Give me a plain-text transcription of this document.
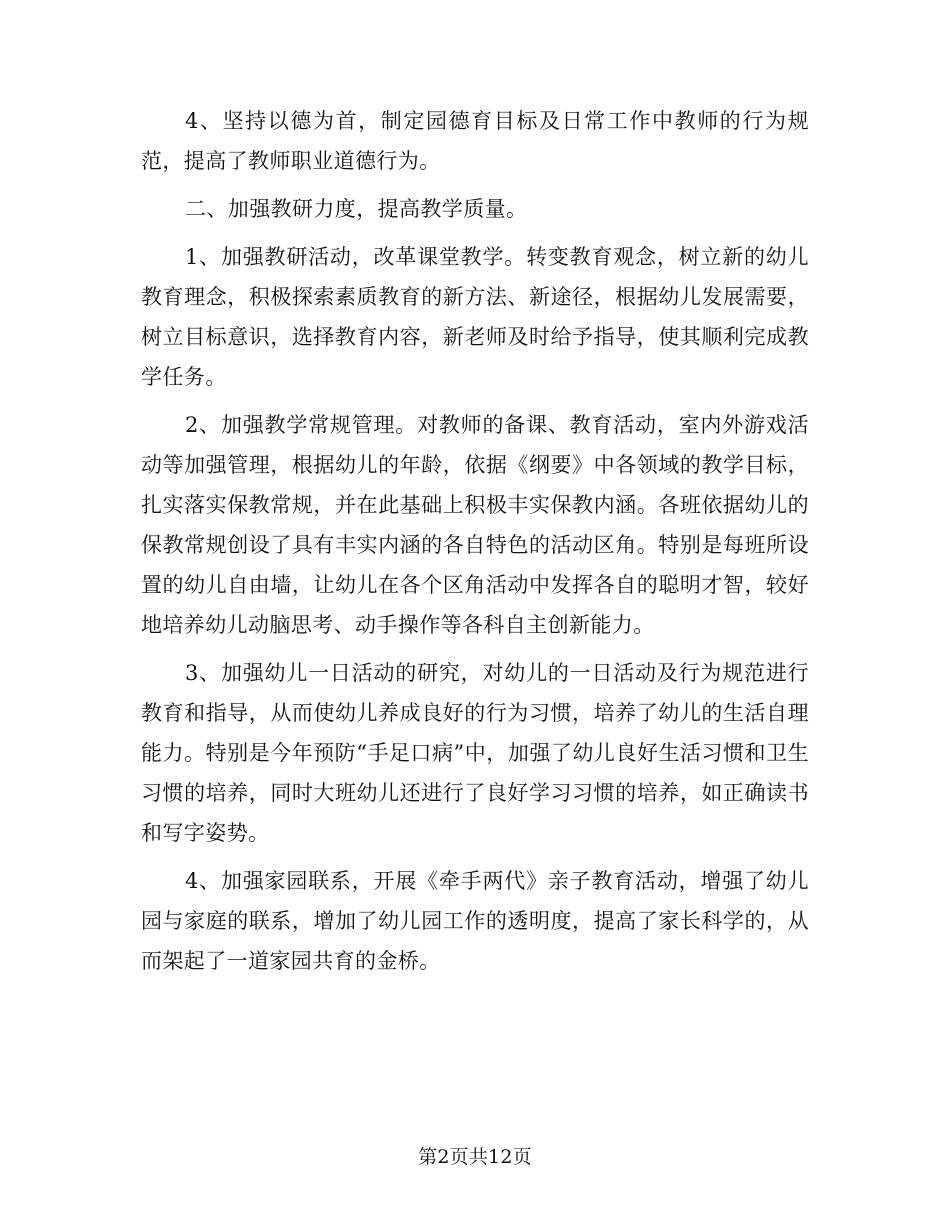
4、坚持以德为首，制定园德育目标及日常工作中教师的行为规范，提高了教师职业道德行为。

二、加强教研力度，提高教学质量。

1、加强教研活动，改革课堂教学。转变教育观念，树立新的幼儿教育理念，积极探索素质教育的新方法、新途径，根据幼儿发展需要，树立目标意识，选择教育内容，新老师及时给予指导，使其顺利完成教学任务。

2、加强教学常规管理。对教师的备课、教育活动，室内外游戏活动等加强管理，根据幼儿的年龄，依据《纲要》中各领域的教学目标，扎实落实保教常规，并在此基础上积极丰实保教内涵。各班依据幼儿的保教常规创设了具有丰实内涵的各自特色的活动区角。特别是每班所设置的幼儿自由墙，让幼儿在各个区角活动中发挥各自的聪明才智，较好地培养幼儿动脑思考、动手操作等各科自主创新能力。

3、加强幼儿一日活动的研究，对幼儿的一日活动及行为规范进行教育和指导，从而使幼儿养成良好的行为习惯，培养了幼儿的生活自理能力。特别是今年预防“手足口病”中，加强了幼儿良好生活习惯和卫生习惯的培养，同时大班幼儿还进行了良好学习习惯的培养，如正确读书和写字姿势。

4、加强家园联系，开展《牵手两代》亲子教育活动，增强了幼儿园与家庭的联系，增加了幼儿园工作的透明度，提高了家长科学的，从而架起了一道家园共育的金桥。

第2页共12页
